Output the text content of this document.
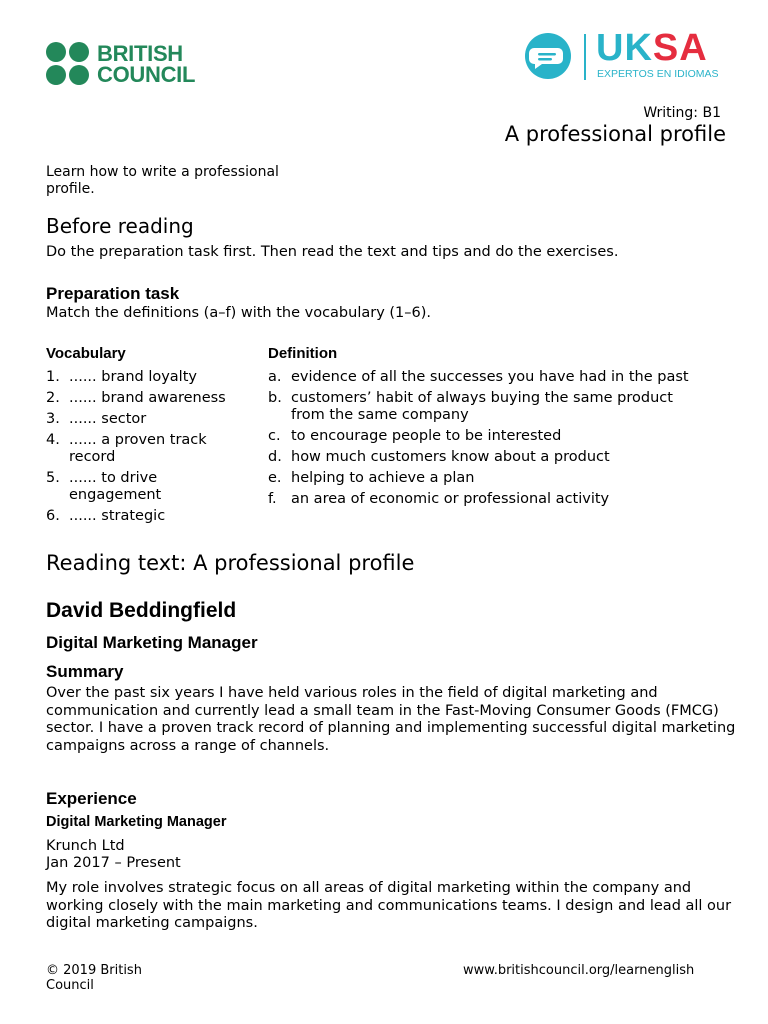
BRITISH
COUNCIL
UKSA
EXPERTOS EN IDIOMAS
Writing: B1
A professional profile

Learn how to write a professional profile.

Before reading

Do the preparation task first. Then read the text and tips and do the exercises.

Preparation task

Match the definitions (a–f) with the vocabulary (1–6).

Vocabulary	Definition
1. ...... brand loyalty
2. ...... brand awareness
3. ...... sector
4. ...... a proven track record
5. ...... to drive engagement
6. ...... strategic
a. evidence of all the successes you have had in the past
b. customers’ habit of always buying the same product from the same company
c. to encourage people to be interested
d. how much customers know about a product
e. helping to achieve a plan
f. an area of economic or professional activity
Reading text: A professional profile
David Beddingfield
Digital Marketing Manager
Summary

Over the past six years I have held various roles in the field of digital marketing and communication and currently lead a small team in the Fast-Moving Consumer Goods (FMCG) sector. I have a proven track record of planning and implementing successful digital marketing campaigns across a range of channels.

Experience
Digital Marketing Manager

Krunch Ltd

Jan 2017 – Present

My role involves strategic focus on all areas of digital marketing within the company and working closely with the main marketing and communications teams. I design and lead all our digital marketing campaigns.

© 2019 British Council
www.britishcouncil.org/learnenglish
